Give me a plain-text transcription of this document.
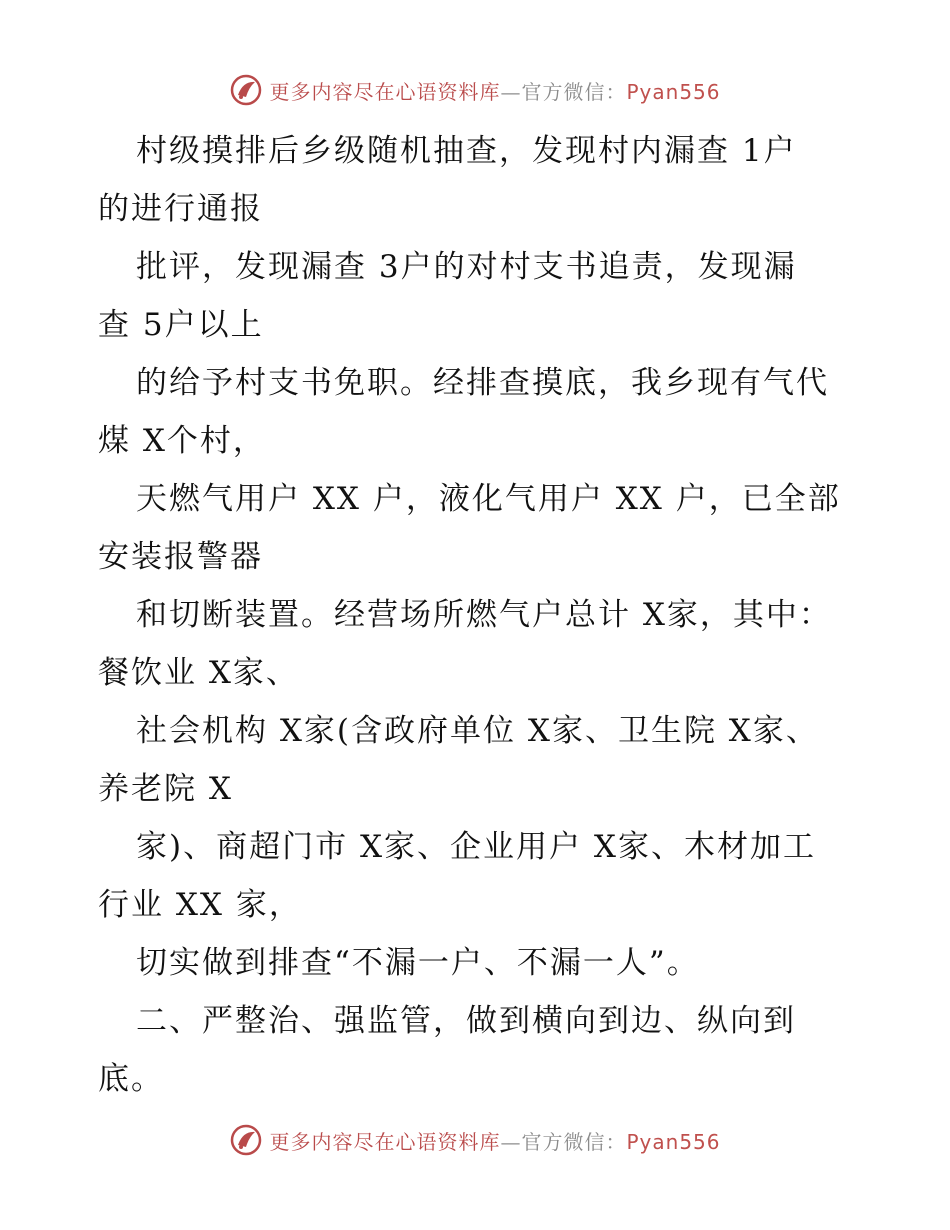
更多内容尽在心语资料库—官方微信：Pyan556
村级摸排后乡级随机抽查，发现村内漏查 1户
的进行通报
批评，发现漏查 3户的对村支书追责，发现漏
查 5户以上
的给予村支书免职。经排查摸底，我乡现有气代
煤 X个村，
天燃气用户 XX 户，液化气用户 XX 户，已全部
安装报警器
和切断装置。经营场所燃气户总计 X家，其中：
餐饮业 X家、
社会机构 X家(含政府单位 X家、卫生院 X家、
养老院 X
家)、商超门市 X家、企业用户 X家、木材加工
行业 XX 家，
切实做到排查“不漏一户、不漏一人”。
二、严整治、强监管，做到横向到边、纵向到
底。
更多内容尽在心语资料库—官方微信：Pyan556
